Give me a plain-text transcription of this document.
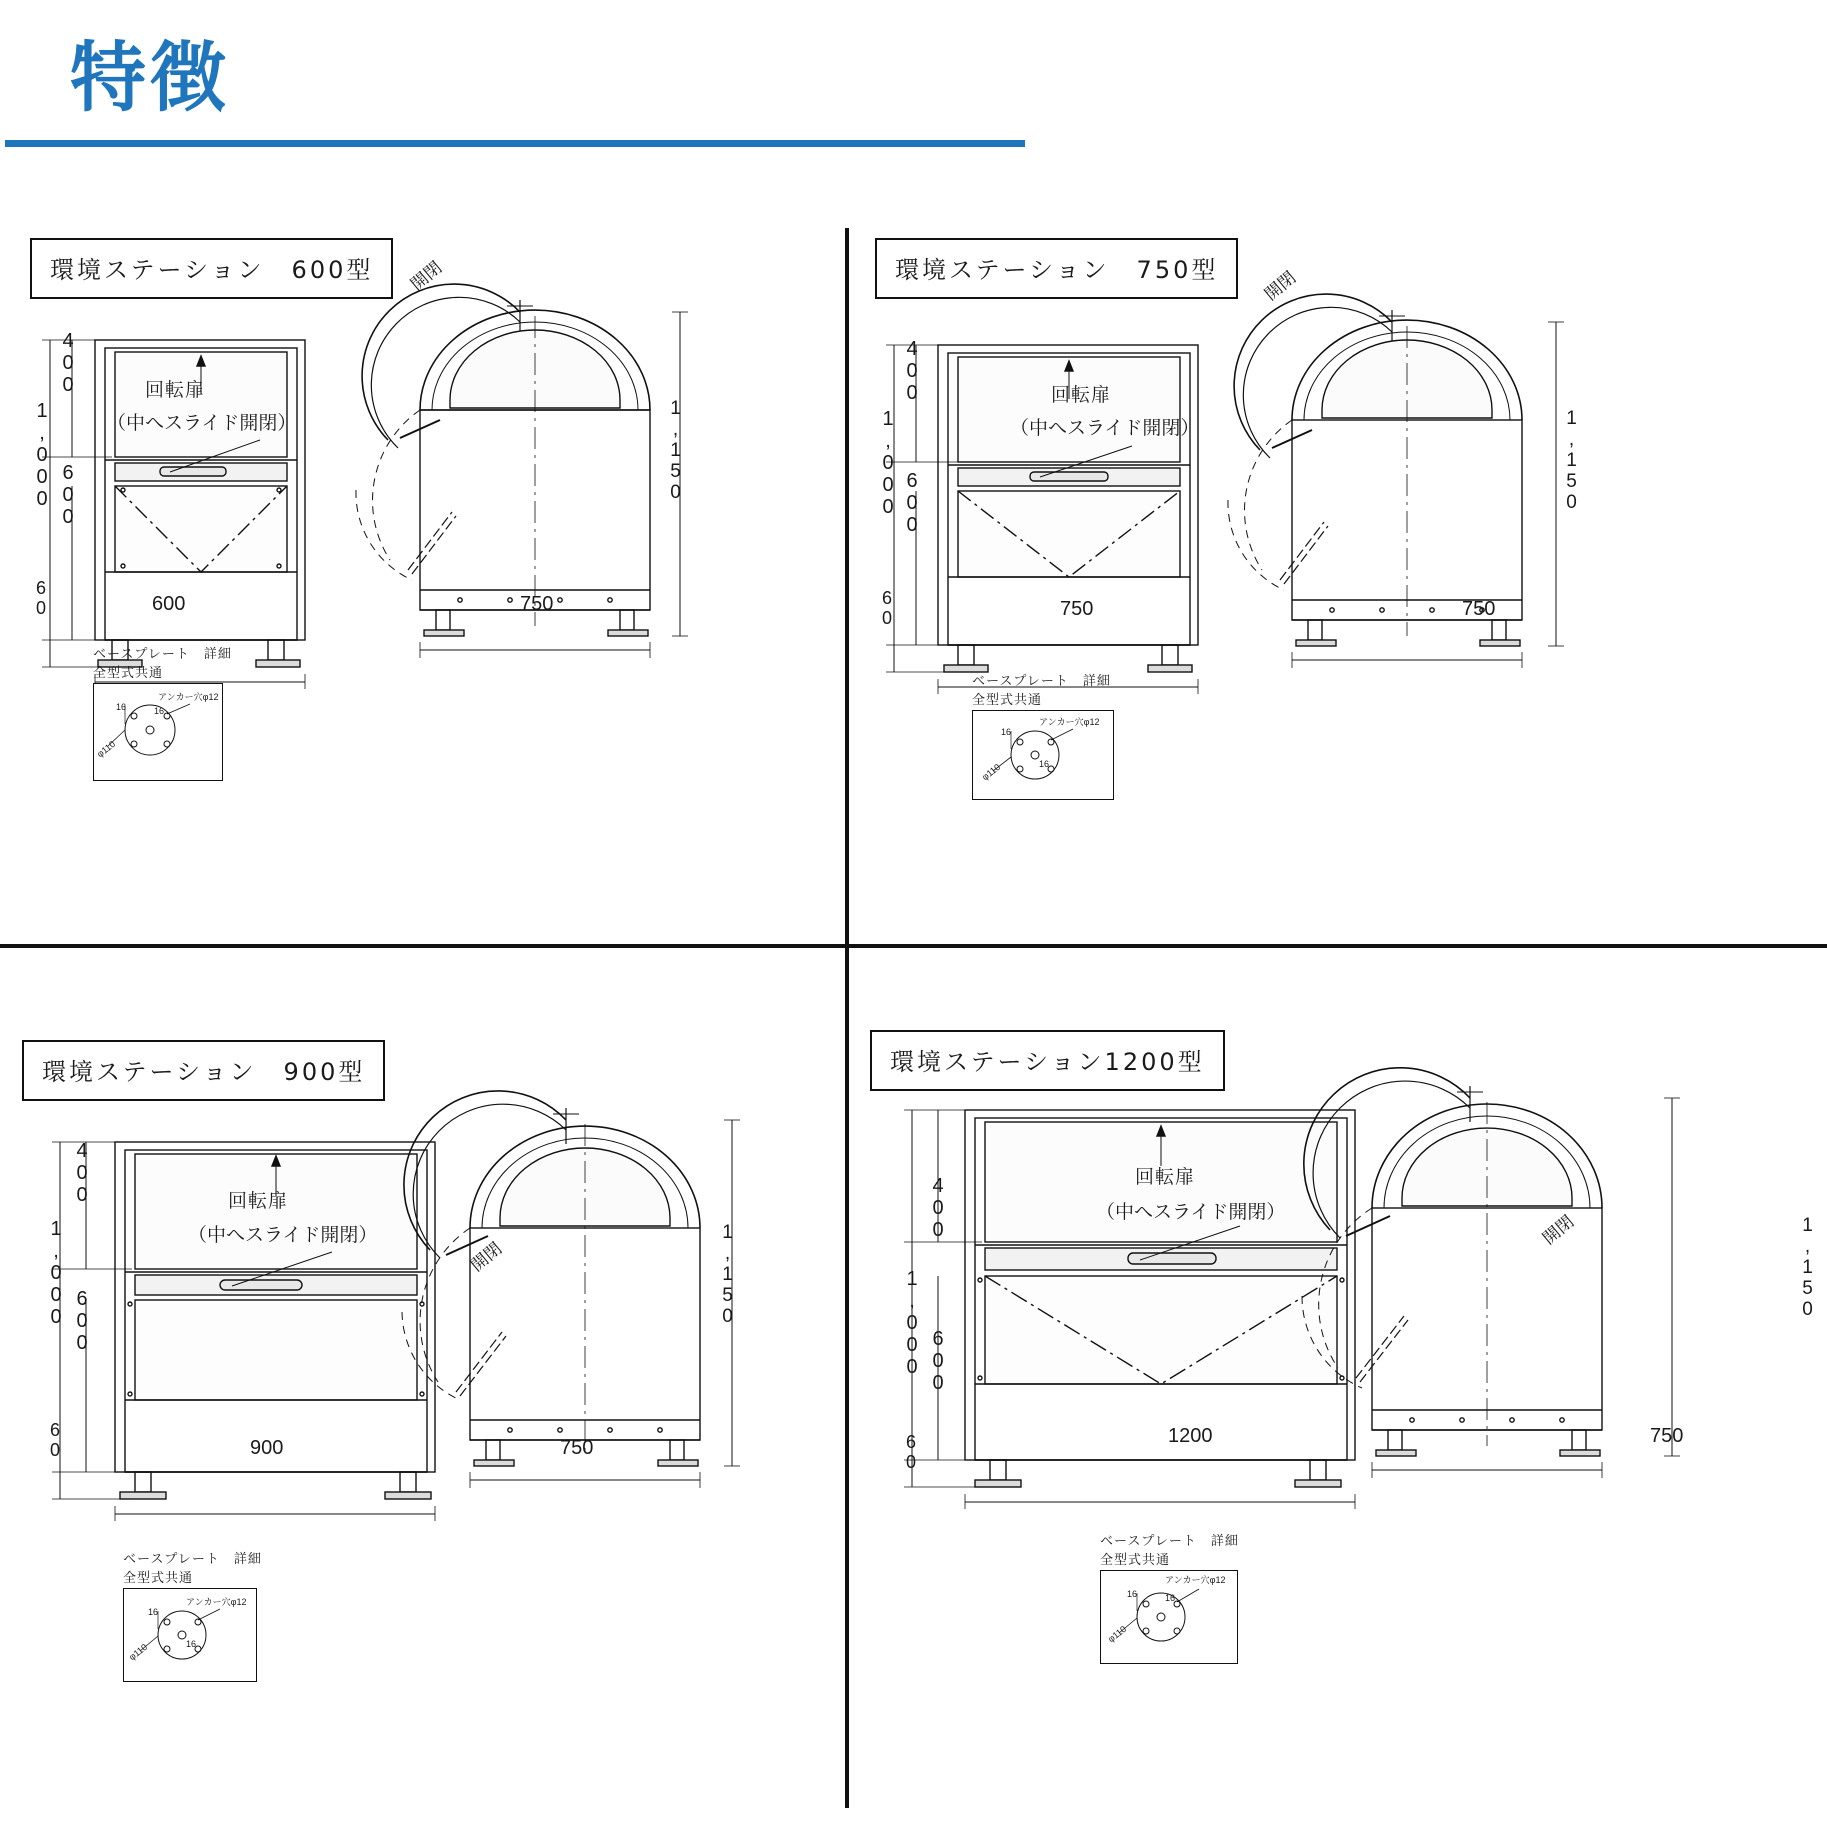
特徴
環境ステーション　600型
回転扉
（中へスライド開閉）
1,000
400
600
60	600
開閉
1,150
750
ベースプレート　詳細
全型式共通
アンカー穴φ12
16	16
φ110
環境ステーション　750型
回転扉
（中へスライド開閉）
1,000
400
600
60	750
開閉
1,150
750
ベースプレート　詳細
全型式共通
アンカー穴φ12
16
16
φ110
環境ステーション　900型
回転扉
（中へスライド開閉）
1,000
400
600
60	900
開閉	1,150
750
ベースプレート　詳細
全型式共通
アンカー穴φ12
16
16
φ110
環境ステーション1200型
回転扉
（中へスライド開閉）
1,000
400
600
60	1200
開閉	1,150
750
ベースプレート　詳細
全型式共通
アンカー穴φ12
16	16
φ110
